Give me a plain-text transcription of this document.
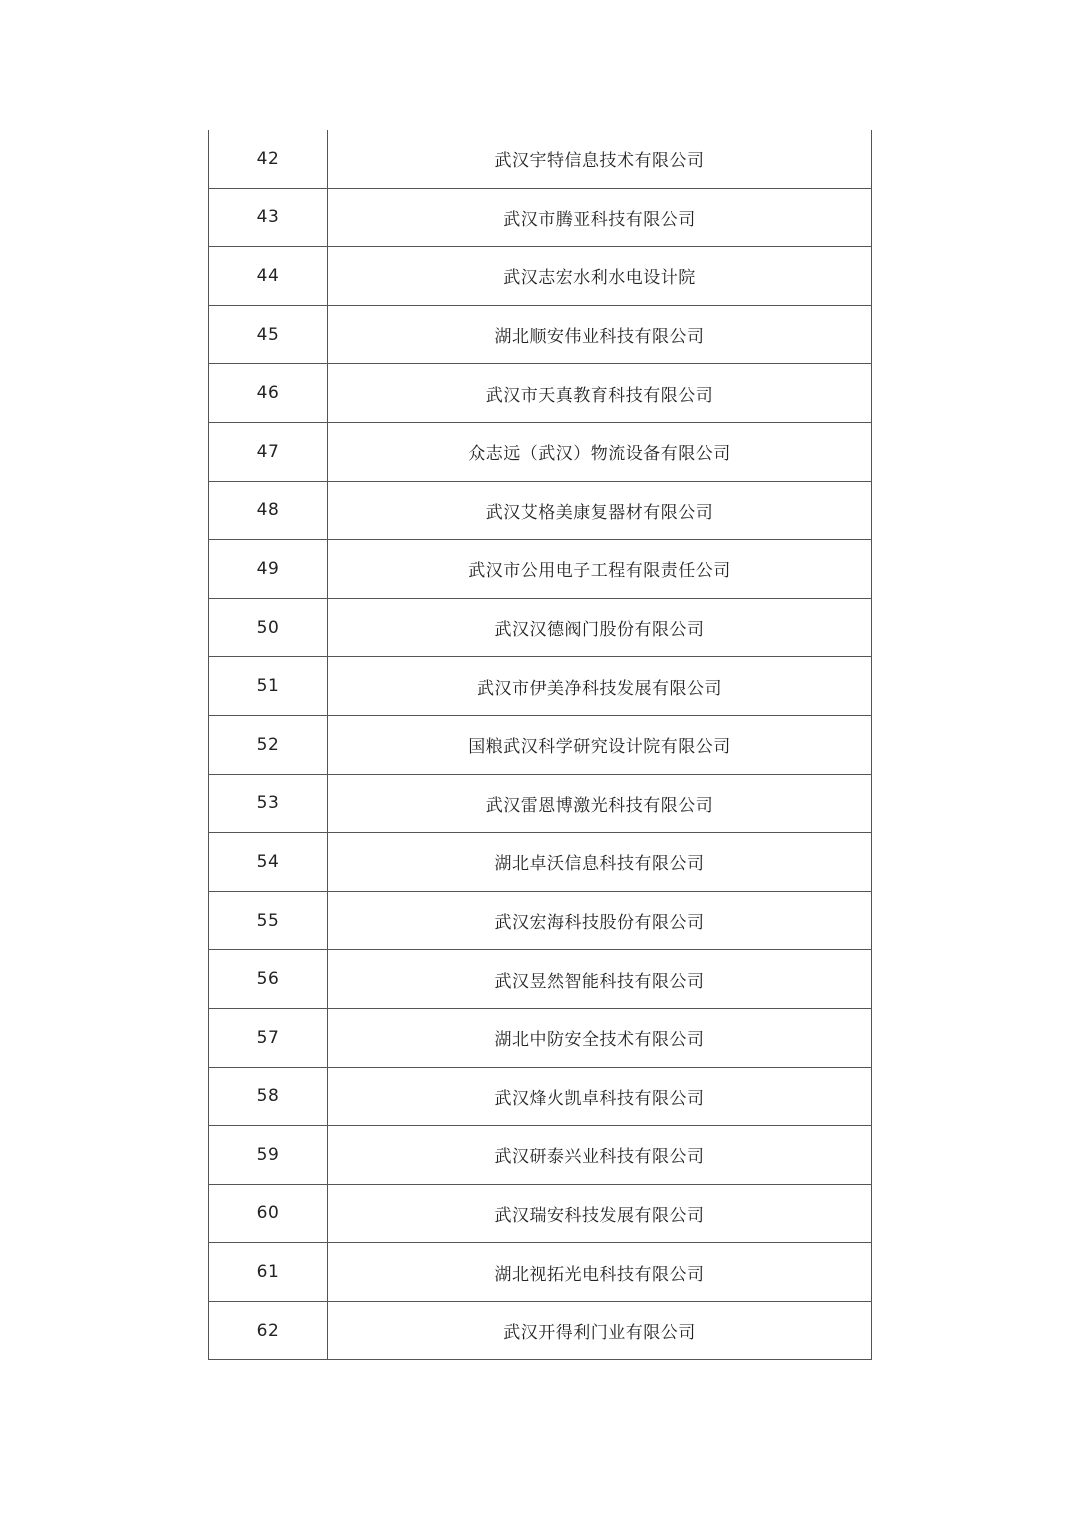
42	武汉宇特信息技术有限公司
43	武汉市腾亚科技有限公司
44	武汉志宏水利水电设计院
45	湖北顺安伟业科技有限公司
46	武汉市天真教育科技有限公司
47	众志远（武汉）物流设备有限公司
48	武汉艾格美康复器材有限公司
49	武汉市公用电子工程有限责任公司
50	武汉汉德阀门股份有限公司
51	武汉市伊美净科技发展有限公司
52	国粮武汉科学研究设计院有限公司
53	武汉雷恩博激光科技有限公司
54	湖北卓沃信息科技有限公司
55	武汉宏海科技股份有限公司
56	武汉昱然智能科技有限公司
57	湖北中防安全技术有限公司
58	武汉烽火凯卓科技有限公司
59	武汉研泰兴业科技有限公司
60	武汉瑞安科技发展有限公司
61	湖北视拓光电科技有限公司
62	武汉开得利门业有限公司
